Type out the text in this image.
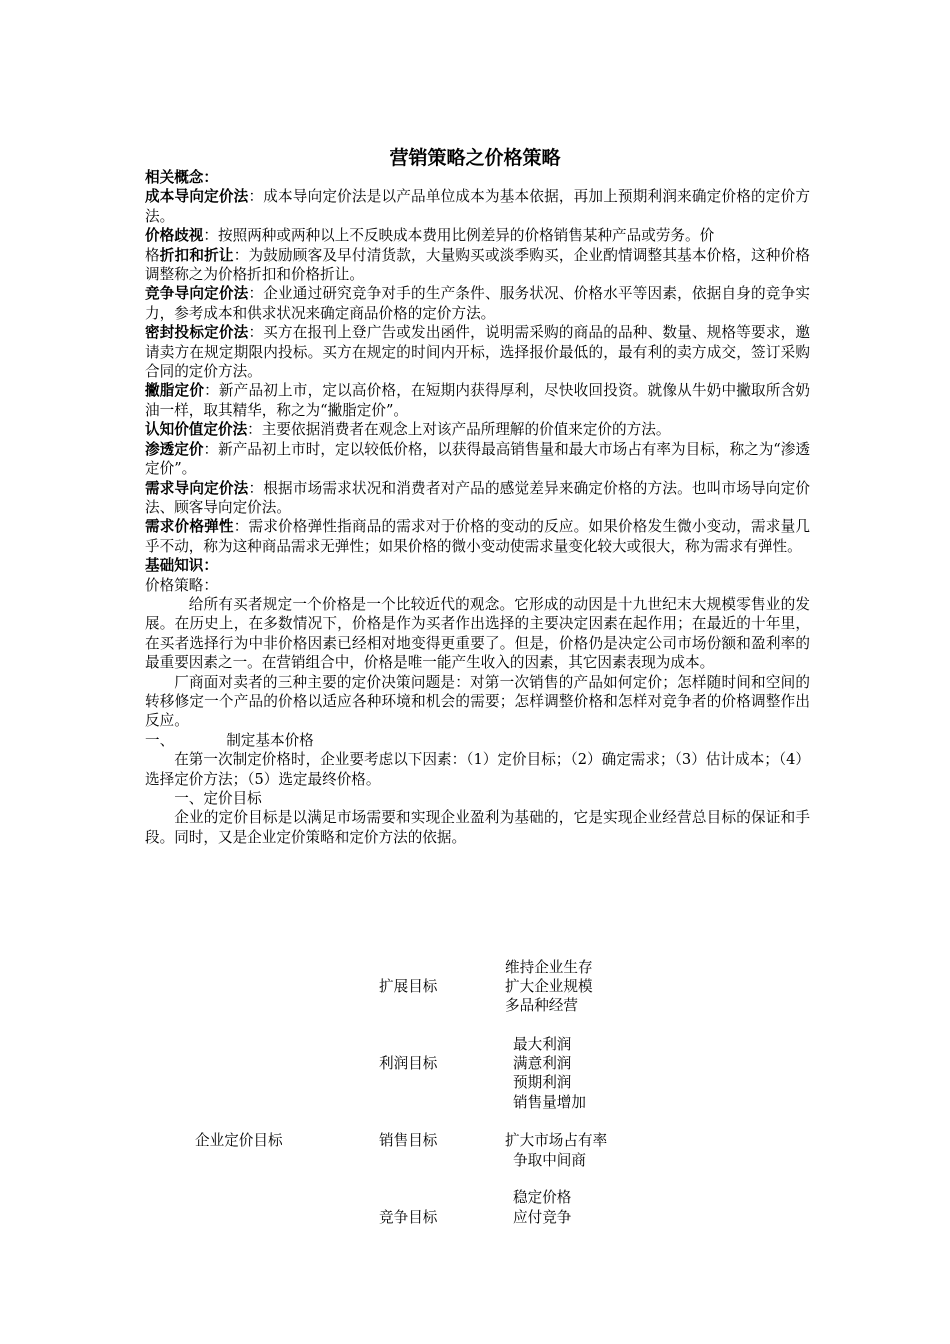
营销策略之价格策略

相关概念：

成本导向定价法：成本导向定价法是以产品单位成本为基本依据，再加上预期利润来确定价格的定价方法。

价格歧视：按照两种或两种以上不反映成本费用比例差异的价格销售某种产品或劳务。价

格折扣和折让：为鼓励顾客及早付清货款，大量购买或淡季购买，企业酌情调整其基本价格，这种价格调整称之为价格折扣和价格折让。

竞争导向定价法：企业通过研究竞争对手的生产条件、服务状况、价格水平等因素，依据自身的竞争实力，参考成本和供求状况来确定商品价格的定价方法。

密封投标定价法：买方在报刊上登广告或发出函件，说明需采购的商品的品种、数量、规格等要求，邀请卖方在规定期限内投标。买方在规定的时间内开标，选择报价最低的，最有利的卖方成交，签订采购合同的定价方法。

撇脂定价：新产品初上市，定以高价格，在短期内获得厚利，尽快收回投资。就像从牛奶中撇取所含奶油一样，取其精华，称之为“撇脂定价”。

认知价值定价法：主要依据消费者在观念上对该产品所理解的价值来定价的方法。

渗透定价：新产品初上市时，定以较低价格，以获得最高销售量和最大市场占有率为目标，称之为“渗透定价”。

需求导向定价法：根据市场需求状况和消费者对产品的感觉差异来确定价格的方法。也叫市场导向定价法、顾客导向定价法。

需求价格弹性：需求价格弹性指商品的需求对于价格的变动的反应。如果价格发生微小变动，需求量几乎不动，称为这种商品需求无弹性；如果价格的微小变动使需求量变化较大或很大，称为需求有弹性。

基础知识：

价格策略：

给所有买者规定一个价格是一个比较近代的观念。它形成的动因是十九世纪末大规模零售业的发展。在历史上，在多数情况下，价格是作为买者作出选择的主要决定因素在起作用；在最近的十年里，在买者选择行为中非价格因素已经相对地变得更重要了。但是，价格仍是决定公司市场份额和盈利率的最重要因素之一。在营销组合中，价格是唯一能产生收入的因素，其它因素表现为成本。

厂商面对卖者的三种主要的定价决策问题是：对第一次销售的产品如何定价；怎样随时间和空间的转移修定一个产品的价格以适应各种环境和机会的需要；怎样调整价格和怎样对竞争者的价格调整作出反应。

一、	制定基本价格

在第一次制定价格时，企业要考虑以下因素：（1）定价目标；（2）确定需求；（3）估计成本；（4）选择定价方法；（5）选定最终价格。

一、定价目标

企业的定价目标是以满足市场需要和实现企业盈利为基础的，它是实现企业经营总目标的保证和手段。同时，又是企业定价策略和定价方法的依据。

企业定价目标
扩展目标
维持企业生存
扩大企业规模
多品种经营
利润目标
最大利润
满意利润
预期利润
销售量增加
销售目标	扩大市场占有率
争取中间商
竞争目标
稳定价格
应付竞争
